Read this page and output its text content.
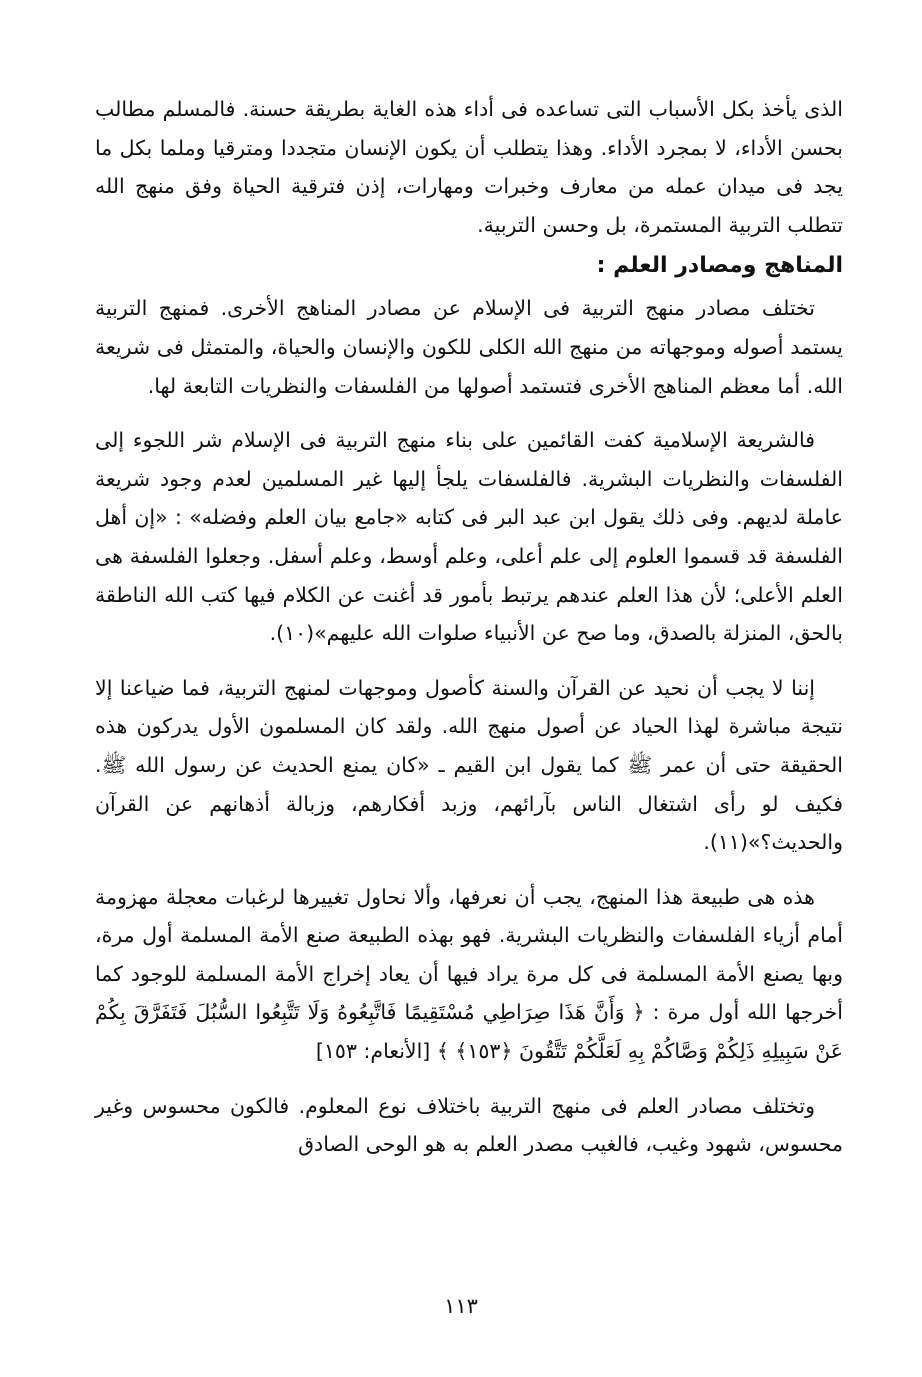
الذى يأخذ بكل الأسباب التى تساعده فى أداء هذه الغاية بطريقة حسنة. فالمسلم مطالب بحسن الأداء، لا بمجرد الأداء. وهذا يتطلب أن يكون الإنسان متجددا ومترقيا وملما بكل ما يجد فى ميدان عمله من معارف وخبرات ومهارات، إذن فترقية الحياة وفق منهج الله تتطلب التربية المستمرة، بل وحسن التربية.

المناهج ومصادر العلم :

تختلف مصادر منهج التربية فى الإسلام عن مصادر المناهج الأخرى. فمنهج التربية يستمد أصوله وموجهاته من منهج الله الكلى للكون والإنسان والحياة، والمتمثل فى شريعة الله. أما معظم المناهج الأخرى فتستمد أصولها من الفلسفات والنظريات التابعة لها.

فالشريعة الإسلامية كفت القائمين على بناء منهج التربية فى الإسلام شر اللجوء إلى الفلسفات والنظريات البشرية. فالفلسفات يلجأ إليها غير المسلمين لعدم وجود شريعة عاملة لديهم. وفى ذلك يقول ابن عبد البر فى كتابه «جامع بيان العلم وفضله» : «إن أهل الفلسفة قد قسموا العلوم إلى علم أعلى، وعلم أوسط، وعلم أسفل. وجعلوا الفلسفة هى العلم الأعلى؛ لأن هذا العلم عندهم يرتبط بأمور قد أغنت عن الكلام فيها كتب الله الناطقة بالحق، المنزلة بالصدق، وما صح عن الأنبياء صلوات الله عليهم»(١٠).

إننا لا يجب أن نحيد عن القرآن والسنة كأصول وموجهات لمنهج التربية، فما ضياعنا إلا نتيجة مباشرة لهذا الحياد عن أصول منهج الله. ولقد كان المسلمون الأول يدركون هذه الحقيقة حتى أن عمر ﷺ كما يقول ابن القيم ـ «كان يمنع الحديث عن رسول الله ﷺ. فكيف لو رأى اشتغال الناس بآرائهم، وزبد أفكارهم، وزبالة أذهانهم عن القرآن والحديث؟»(١١).

هذه هى طبيعة هذا المنهج، يجب أن نعرفها، وألا نحاول تغييرها لرغبات معجلة مهزومة أمام أزياء الفلسفات والنظريات البشرية. فهو بهذه الطبيعة صنع الأمة المسلمة أول مرة، وبها يصنع الأمة المسلمة فى كل مرة يراد فيها أن يعاد إخراج الأمة المسلمة للوجود كما أخرجها الله أول مرة : ﴿ وَأَنَّ هَذَا صِرَاطِي مُسْتَقِيمًا فَاتَّبِعُوهُ وَلَا تَتَّبِعُوا السُّبُلَ فَتَفَرَّقَ بِكُمْ عَنْ سَبِيلِهِ ذَلِكُمْ وَصَّاكُمْ بِهِ لَعَلَّكُمْ تَتَّقُونَ ﴿١٥٣﴾ ﴾ [الأنعام: ١٥٣]

وتختلف مصادر العلم فى منهج التربية باختلاف نوع المعلوم. فالكون محسوس وغير محسوس، شهود وغيب، فالغيب مصدر العلم به هو الوحى الصادق

١١٣
